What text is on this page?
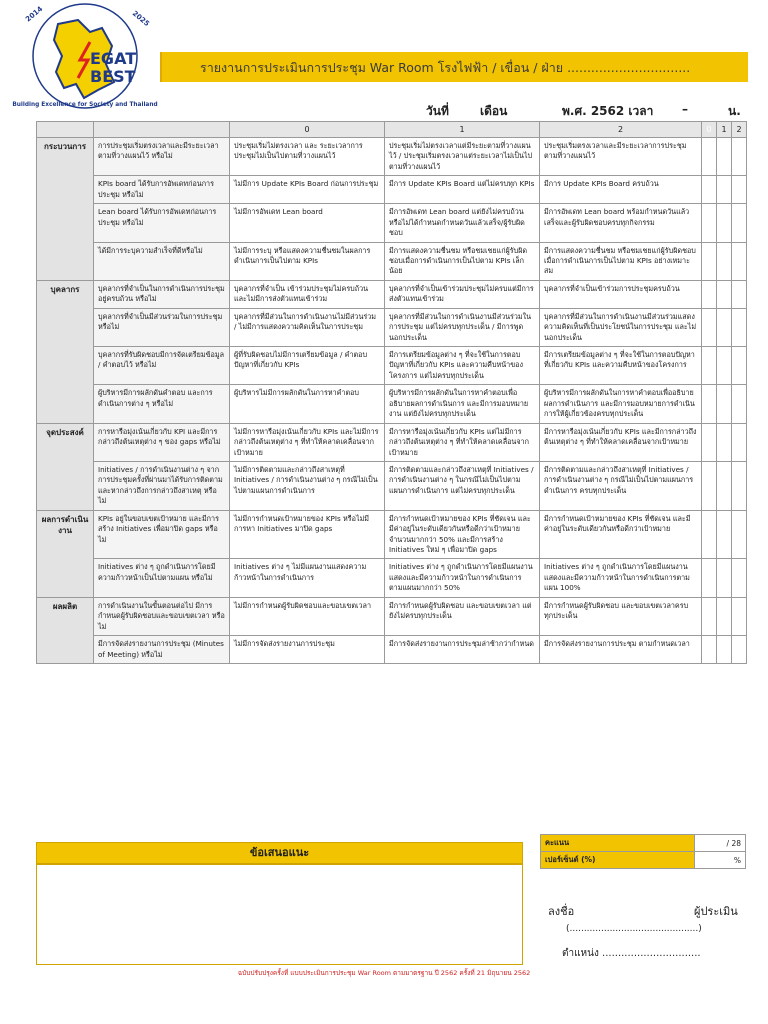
EGAT
BEST
2014	2025
Building Excellence for Society and Thailand
รายงานการประเมินการประชุม War Room โรงไฟฟ้า / เขื่อน / ฝ่าย ...............................
วันที่	เดือน	พ.ศ. 2562 เวลา –	น.
		0	1	2	0	1	2
กระบวนการ	การประชุมเริ่มตรงเวลาและมีระยะเวลาตามที่วางแผนไว้ หรือไม่	ประชุมเริ่มไม่ตรงเวลา และ ระยะเวลาการประชุมไม่เป็นไปตามที่วางแผนไว้	ประชุมเริ่มไม่ตรงเวลาแต่มีระยะตามที่วางแผนไว้ / ประชุมเริ่มตรงเวลาแต่ระยะเวลาไม่เป็นไปตามที่วางแผนไว้	ประชุมเริ่มตรงเวลาและมีระยะเวลาการประชุมตามที่วางแผนไว้			
	KPIs board ได้รับการอัพเดทก่อนการประชุม หรือไม่	ไม่มีการ Update KPIs Board ก่อนการประชุม	มีการ Update KPIs Board แต่ไม่ครบทุก KPIs	มีการ Update KPIs Board ครบถ้วน			
	Lean board ได้รับการอัพเดทก่อนการประชุม หรือไม่	ไม่มีการอัพเดท Lean board	มีการอัพเดท Lean board แต่ยังไม่ครบถ้วน หรือไม่ได้กำหนดกำหนดวันแล้วเสร็จ/ผู้รับผิดชอบ	มีการอัพเดท Lean board พร้อมกำหนดวันแล้วเสร็จและผู้รับผิดชอบครบทุกกิจกรรม			
	ได้มีการระบุความสำเร็จที่ดีหรือไม่	ไม่มีการระบุ หรือแสดงความชื่นชมในผลการดำเนินการเป็นไปตาม KPIs	มีการแสดงความชื่นชม หรือชมเชยแก่ผู้รับผิดชอบเมื่อการดำเนินการเป็นไปตาม KPIs เล็กน้อย	มีการแสดงความชื่นชม หรือชมเชยแก่ผู้รับผิดชอบเมื่อการดำเนินการเป็นไปตาม KPIs อย่างเหมาะสม			
บุคลากร	บุคลากรที่จำเป็นในการดำเนินการประชุมอยู่ครบถ้วน หรือไม่	บุคลากรที่จำเป็น เข้าร่วมประชุมไม่ครบถ้วน และไม่มีการส่งตัวแทนเข้าร่วม	บุคลากรที่จำเป็นเข้าร่วมประชุมไม่ครบแต่มีการส่งตัวแทนเข้าร่วม	บุคลากรที่จำเป็นเข้าร่วมการประชุมครบถ้วน			
	บุคลากรที่จำเป็นมีส่วนร่วมในการประชุม หรือไม่	บุคลากรที่มีส่วนในการดำเนินงานไม่มีส่วนร่วม / ไม่มีการแสดงความคิดเห็นในการประชุม	บุคลากรที่มีส่วนในการดำเนินงานมีส่วนร่วมในการประชุม แต่ไม่ครบทุกประเด็น / มีการพูดนอกประเด็น	บุคลากรที่มีส่วนในการดำเนินงานมีส่วนร่วมแสดงความคิดเห็นที่เป็นประโยชน์ในการประชุม และไม่นอกประเด็น			
	บุคลากรที่รับผิดชอบมีการจัดเตรียมข้อมูล / คำตอบไว้ หรือไม่	ผู้ที่รับผิดชอบไม่มีการเตรียมข้อมูล / คำตอบปัญหาที่เกี่ยวกับ KPIs	มีการเตรียมข้อมูลต่าง ๆ ที่จะใช้ในการตอบปัญหาที่เกี่ยวกับ KPIs และความคืบหน้าของโครงการ แต่ไม่ครบทุกประเด็น	มีการเตรียมข้อมูลต่าง ๆ ที่จะใช้ในการตอบปัญหาที่เกี่ยวกับ KPIs และความคืบหน้าของโครงการ			
	ผู้บริหารมีการผลักดันคำตอบ และการดำเนินการต่าง ๆ หรือไม่	ผู้บริหารไม่มีการผลักดันในการหาคำตอบ	ผู้บริหารมีการผลักดันในการหาคำตอบเพื่ออธิบายผลการดำเนินการ และมีการมอบหมายงาน แต่ยังไม่ครบทุกประเด็น	ผู้บริหารมีการผลักดันในการหาคำตอบเพื่ออธิบายผลการดำเนินการ และมีการมอบหมายการดำเนินการให้ผู้เกี่ยวข้องครบทุกประเด็น			
จุดประสงค์	การหารือมุ่งเน้นเกี่ยวกับ KPI และมีการกล่าวถึงต้นเหตุต่าง ๆ ของ gaps หรือไม่	ไม่มีการหารือมุ่งเน้นเกี่ยวกับ KPIs และไม่มีการกล่าวถึงต้นเหตุต่าง ๆ ที่ทำให้คลาดเคลื่อนจากเป้าหมาย	มีการหารือมุ่งเน้นเกี่ยวกับ KPIs แต่ไม่มีการกล่าวถึงต้นเหตุต่าง ๆ ที่ทำให้คลาดเคลื่อนจากเป้าหมาย	มีการหารือมุ่งเน้นเกี่ยวกับ KPIs และมีการกล่าวถึงต้นเหตุต่าง ๆ ที่ทำให้คลาดเคลื่อนจากเป้าหมาย			
	Initiatives / การดำเนินงานต่าง ๆ จากการประชุมครั้งที่ผ่านมาได้รับการติดตามและหากล่าวถึงการกล่าวถึงสาเหตุ หรือไม่	ไม่มีการติดตามและกล่าวถึงสาเหตุที่ Initiatives / การดำเนินงานต่าง ๆ กรณีไม่เป็นไปตามแผนการดำเนินการ	มีการติดตามและกล่าวถึงสาเหตุที่ Initiatives / การดำเนินงานต่าง ๆ ในกรณีไม่เป็นไปตามแผนการดำเนินการ แต่ไม่ครบทุกประเด็น	มีการติดตามและกล่าวถึงสาเหตุที่ Initiatives / การดำเนินงานต่าง ๆ กรณีไม่เป็นไปตามแผนการดำเนินการ ครบทุกประเด็น			
ผลการดำเนินงาน	KPIs อยู่ในขอบเขตเป้าหมาย และมีการสร้าง Initiatives เพื่อมาปิด gaps หรือไม่	ไม่มีการกำหนดเป้าหมายของ KPIs หรือไม่มีการหา Initiatives มาปิด gaps	มีการกำหนดเป้าหมายของ KPIs ที่ชัดเจน และมีค่าอยู่ในระดับเดียวกันหรือดีกว่าเป้าหมาย จำนวนมากกว่า 50% และมีการสร้าง Initiatives ใหม่ ๆ เพื่อมาปิด gaps	มีการกำหนดเป้าหมายของ KPIs ที่ชัดเจน และมีค่าอยู่ในระดับเดียวกันหรือดีกว่าเป้าหมาย			
	Initiatives ต่าง ๆ ถูกดำเนินการโดยมีความก้าวหน้าเป็นไปตามแผน หรือไม่	Initiatives ต่าง ๆ ไม่มีแผนงานแสดงความก้าวหน้าในการดำเนินการ	Initiatives ต่าง ๆ ถูกดำเนินการโดยมีแผนงานแสดงและมีความก้าวหน้าในการดำเนินการ ตามแผนมากกว่า 50%	Initiatives ต่าง ๆ ถูกดำเนินการโดยมีแผนงานแสดงและมีความก้าวหน้าในการดำเนินการตามแผน 100%			
ผลผลิต	การดำเนินงานในขั้นตอนต่อไป มีการกำหนดผู้รับผิดชอบและขอบเขตเวลา หรือไม่	ไม่มีการกำหนดผู้รับผิดชอบและขอบเขตเวลา	มีการกำหนดผู้รับผิดชอบ และขอบเขตเวลา แต่ยังไม่ครบทุกประเด็น	มีการกำหนดผู้รับผิดชอบ และขอบเขตเวลาครบทุกประเด็น			
	มีการจัดส่งรายงานการประชุม (Minutes of Meeting) หรือไม่	ไม่มีการจัดส่งรายงานการประชุม	มีการจัดส่งรายงานการประชุมล่าช้ากว่ากำหนด	มีการจัดส่งรายงานการประชุม ตามกำหนดเวลา			
ข้อเสนอแนะ
คะแนน	/ 28
เปอร์เซ็นต์ (%)	%
ลงชื่อ	ผู้ประเมิน
(.............................................)
ตำแหน่ง ...............................
ฉบับปรับปรุงครั้งที่ แบบประเมินการประชุม War Room ตามมาตรฐาน ปี 2562 ครั้งที่ 21 มิถุนายน 2562
